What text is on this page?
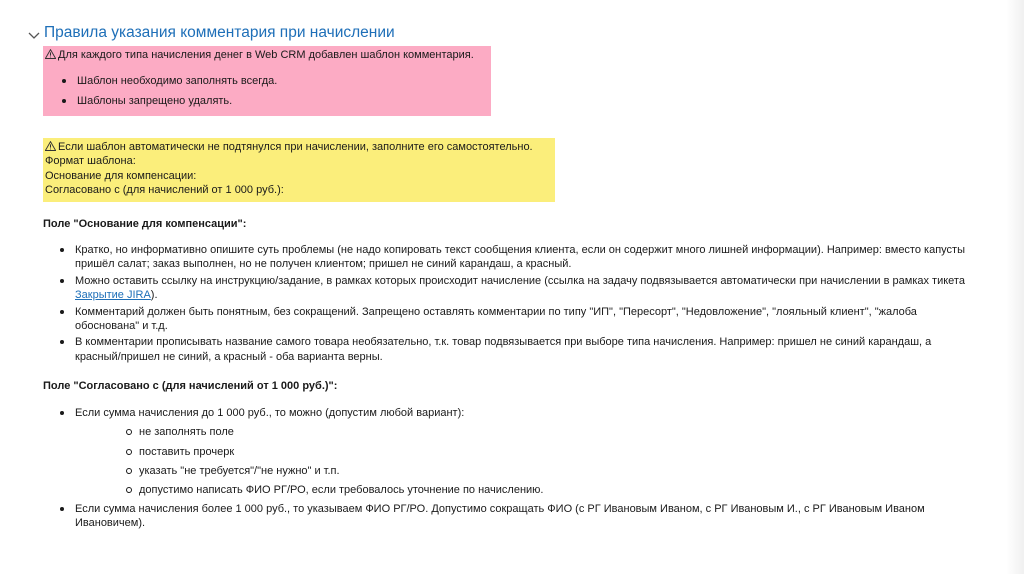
Правила указания комментария при начислении
Для каждого типа начисления денег в Web CRM добавлен шаблон комментария.
Шаблон необходимо заполнять всегда.
Шаблоны запрещено удалять.
Если шаблон автоматически не подтянулся при начислении, заполните его самостоятельно.
Формат шаблона:
Основание для компенсации:
Согласовано с (для начислений от 1 000 руб.):
Поле "Основание для компенсации":
Кратко, но информативно опишите суть проблемы (не надо копировать текст сообщения клиента, если он содержит много лишней информации). Например: вместо капусты пришёл салат; заказ выполнен, но не получен клиентом; пришел не синий карандаш, а красный.
Можно оставить ссылку на инструкцию/задание, в рамках которых происходит начисление (ссылка на задачу подвязывается автоматически при начислении в рамках тикета Закрытие JIRA).
Комментарий должен быть понятным, без сокращений. Запрещено оставлять комментарии по типу "ИП", "Пересорт", "Недовложение", "лояльный клиент", "жалоба обоснована" и т.д.
В комментарии прописывать название самого товара необязательно, т.к. товар подвязывается при выборе типа начисления. Например: пришел не синий карандаш, а красный/пришел не синий, а красный - оба варианта верны.
Поле "Согласовано с (для начислений от 1 000 руб.)":
Если сумма начисления до 1 000 руб., то можно (допустим любой вариант):
не заполнять поле
поставить прочерк
указать "не требуется"/"не нужно" и т.п.
допустимо написать ФИО РГ/РО, если требовалось уточнение по начислению.
Если сумма начисления более 1 000 руб., то указываем ФИО РГ/РО. Допустимо сокращать ФИО (с РГ Ивановым Иваном, с РГ Ивановым И., с РГ Ивановым Иваном Ивановичем).
